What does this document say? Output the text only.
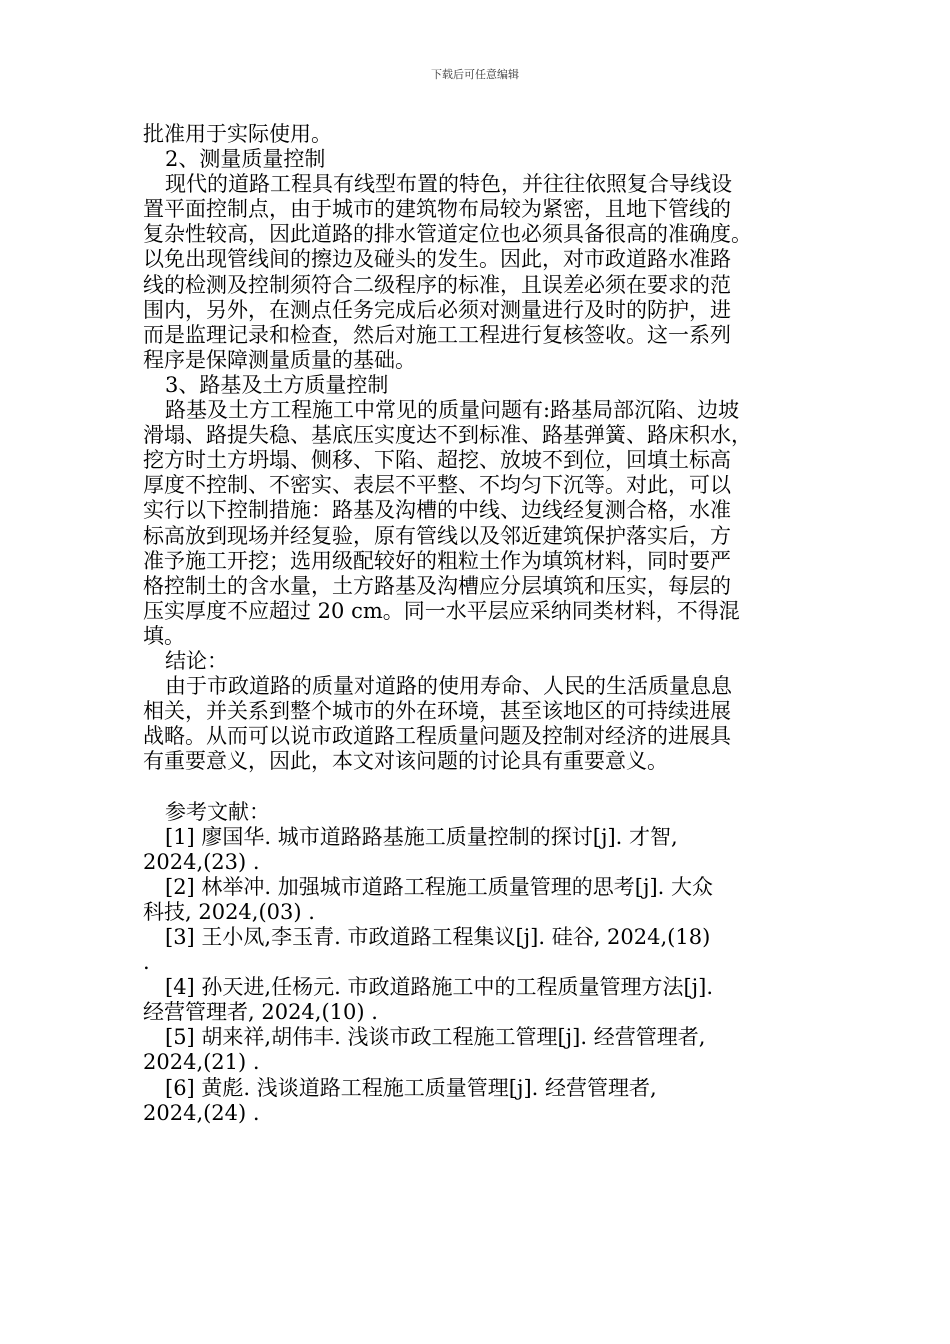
下载后可任意编辑
批准用于实际使用。
2、测量质量控制
现代的道路工程具有线型布置的特色，并往往依照复合导线设
置平面控制点，由于城市的建筑物布局较为紧密，且地下管线的
复杂性较高，因此道路的排水管道定位也必须具备很高的准确度。
以免出现管线间的擦边及碰头的发生。因此，对市政道路水准路
线的检测及控制须符合二级程序的标准，且误差必须在要求的范
围内，另外，在测点任务完成后必须对测量进行及时的防护，进
而是监理记录和检查，然后对施工工程进行复核签收。这一系列
程序是保障测量质量的基础。
3、路基及土方质量控制
路基及土方工程施工中常见的质量问题有:路基局部沉陷、边坡
滑塌、路提失稳、基底压实度达不到标准、路基弹簧、路床积水，
挖方时土方坍塌、侧移、下陷、超挖、放坡不到位，回填土标高
厚度不控制、不密实、表层不平整、不均匀下沉等。对此，可以
实行以下控制措施：路基及沟槽的中线、边线经复测合格，水准
标高放到现场并经复验，原有管线以及邻近建筑保护落实后，方
准予施工开挖；选用级配较好的粗粒土作为填筑材料，同时要严
格控制土的含水量，土方路基及沟槽应分层填筑和压实，每层的
压实厚度不应超过 20 cm。同一水平层应采纳同类材料，不得混
填。
结论：
由于市政道路的质量对道路的使用寿命、人民的生活质量息息
相关，并关系到整个城市的外在环境，甚至该地区的可持续进展
战略。从而可以说市政道路工程质量问题及控制对经济的进展具
有重要意义，因此，本文对该问题的讨论具有重要意义。
参考文献：
[1] 廖国华. 城市道路路基施工质量控制的探讨[j]. 才智,
2024,(23) .
[2] 林举冲. 加强城市道路工程施工质量管理的思考[j]. 大众
科技, 2024,(03) .
[3] 王小凤,李玉青. 市政道路工程集议[j]. 硅谷, 2024,(18)
.
[4] 孙天进,任杨元. 市政道路施工中的工程质量管理方法[j].
经营管理者, 2024,(10) .
[5] 胡来祥,胡伟丰. 浅谈市政工程施工管理[j]. 经营管理者,
2024,(21) .
[6] 黄彪. 浅谈道路工程施工质量管理[j]. 经营管理者,
2024,(24) .
